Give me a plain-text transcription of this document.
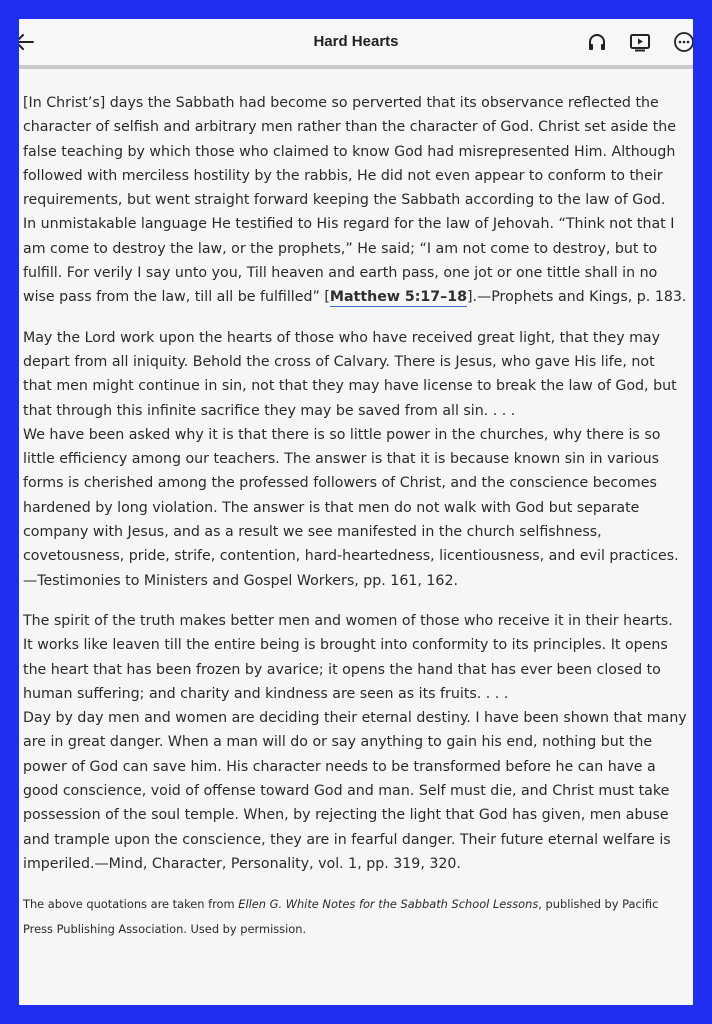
Hard Hearts

[In Christ’s] days the Sabbath had become so perverted that its observance reflected the character of selfish and arbitrary men rather than the character of God. Christ set aside the false teaching by which those who claimed to know God had misrepresented Him. Although followed with merciless hostility by the rabbis, He did not even appear to conform to their requirements, but went straight forward keeping the Sabbath according to the law of God.

In unmistakable language He testified to His regard for the law of Jehovah. “Think not that I am come to destroy the law, or the prophets,” He said; “I am not come to destroy, but to fulfill. For verily I say unto you, Till heaven and earth pass, one jot or one tittle shall in no wise pass from the law, till all be fulfilled” [Matthew 5:17–18].—Prophets and Kings, p. 183.

May the Lord work upon the hearts of those who have received great light, that they may depart from all iniquity. Behold the cross of Calvary. There is Jesus, who gave His life, not that men might continue in sin, not that they may have license to break the law of God, but that through this infinite sacrifice they may be saved from all sin. . . .

We have been asked why it is that there is so little power in the churches, why there is so little efficiency among our teachers. The answer is that it is because known sin in various forms is cherished among the professed followers of Christ, and the conscience becomes hardened by long violation. The answer is that men do not walk with God but separate company with Jesus, and as a result we see manifested in the church selfishness, covetousness, pride, strife, contention, hard-heartedness, licentiousness, and evil practices. —Testimonies to Ministers and Gospel Workers, pp. 161, 162.

The spirit of the truth makes better men and women of those who receive it in their hearts. It works like leaven till the entire being is brought into conformity to its principles. It opens the heart that has been frozen by avarice; it opens the hand that has ever been closed to human suffering; and charity and kindness are seen as its fruits. . . .

Day by day men and women are deciding their eternal destiny. I have been shown that many are in great danger. When a man will do or say anything to gain his end, nothing but the power of God can save him. His character needs to be transformed before he can have a good conscience, void of offense toward God and man. Self must die, and Christ must take possession of the soul temple. When, by rejecting the light that God has given, men abuse and trample upon the conscience, they are in fearful danger. Their future eternal welfare is imperiled.—Mind, Character, Personality, vol. 1, pp. 319, 320.

The above quotations are taken from Ellen G. White Notes for the Sabbath School Lessons, published by Pacific Press Publishing Association. Used by permission.
